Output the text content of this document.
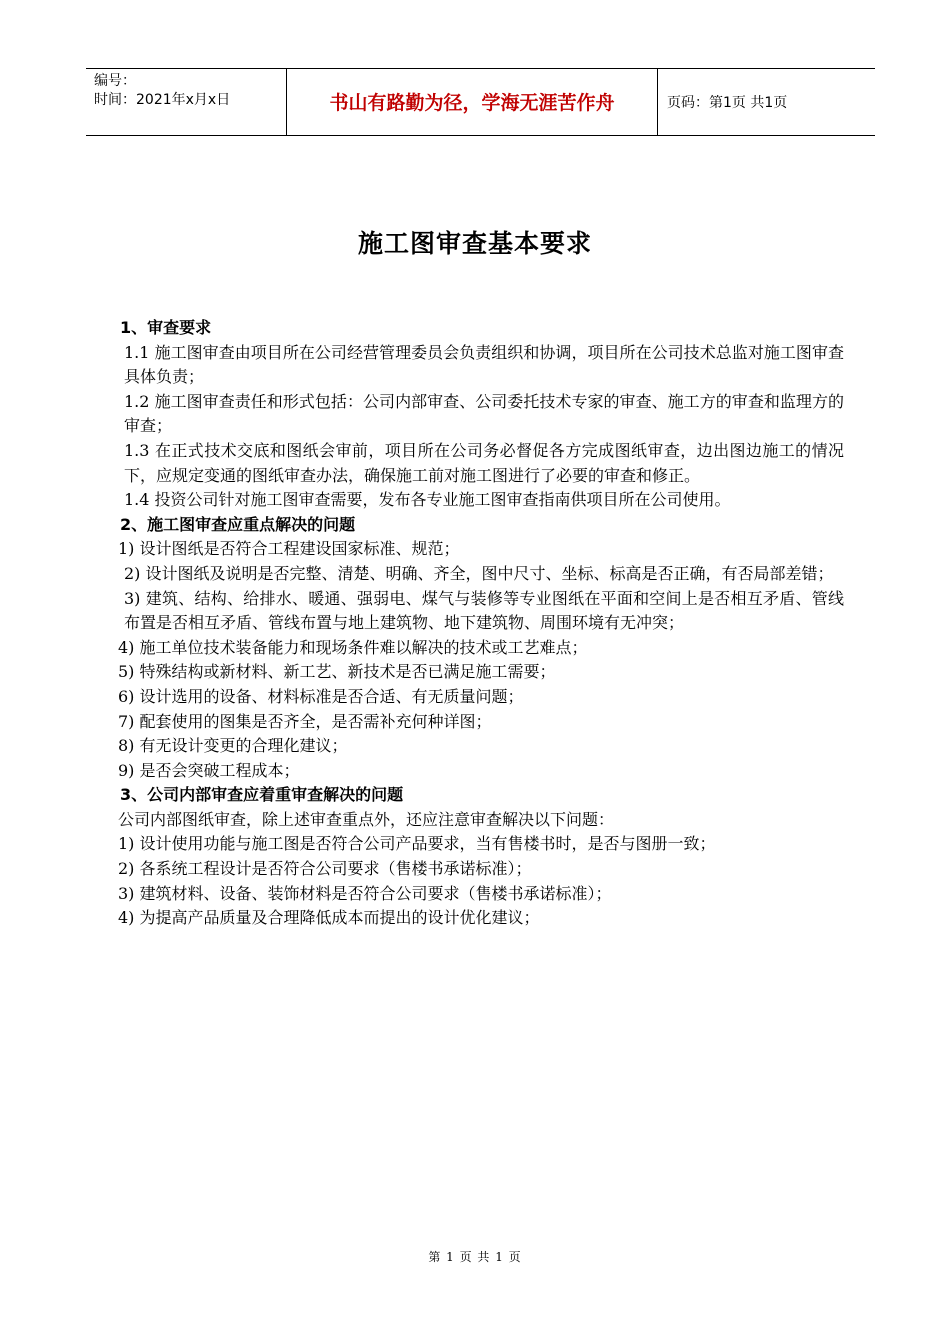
编号：
时间：2021年x月x日	书山有路勤为径，学海无涯苦作舟	页码：第1页 共1页
施工图审查基本要求
1、审查要求

1.1 施工图审查由项目所在公司经营管理委员会负责组织和协调，项目所在公司技术总监对施工图审查具体负责；

1.2 施工图审查责任和形式包括：公司内部审查、公司委托技术专家的审查、施工方的审查和监理方的审查；

1.3 在正式技术交底和图纸会审前，项目所在公司务必督促各方完成图纸审查，边出图边施工的情况下，应规定变通的图纸审查办法，确保施工前对施工图进行了必要的审查和修正。

1.4 投资公司针对施工图审查需要，发布各专业施工图审查指南供项目所在公司使用。

2、施工图审查应重点解决的问题

1) 设计图纸是否符合工程建设国家标准、规范；

2) 设计图纸及说明是否完整、清楚、明确、齐全，图中尺寸、坐标、标高是否正确，有否局部差错；

3) 建筑、结构、给排水、暖通、强弱电、煤气与装修等专业图纸在平面和空间上是否相互矛盾、管线布置是否相互矛盾、管线布置与地上建筑物、地下建筑物、周围环境有无冲突；

4) 施工单位技术装备能力和现场条件难以解决的技术或工艺难点；

5) 特殊结构或新材料、新工艺、新技术是否已满足施工需要；

6) 设计选用的设备、材料标准是否合适、有无质量问题；

7) 配套使用的图集是否齐全，是否需补充何种详图；

8) 有无设计变更的合理化建议；

9) 是否会突破工程成本；

3、公司内部审查应着重审查解决的问题

公司内部图纸审查，除上述审查重点外，还应注意审查解决以下问题：

1) 设计使用功能与施工图是否符合公司产品要求，当有售楼书时，是否与图册一致；

2) 各系统工程设计是否符合公司要求（售楼书承诺标准）；

3) 建筑材料、设备、装饰材料是否符合公司要求（售楼书承诺标准）；

4) 为提高产品质量及合理降低成本而提出的设计优化建议；

第 1 页 共 1 页
